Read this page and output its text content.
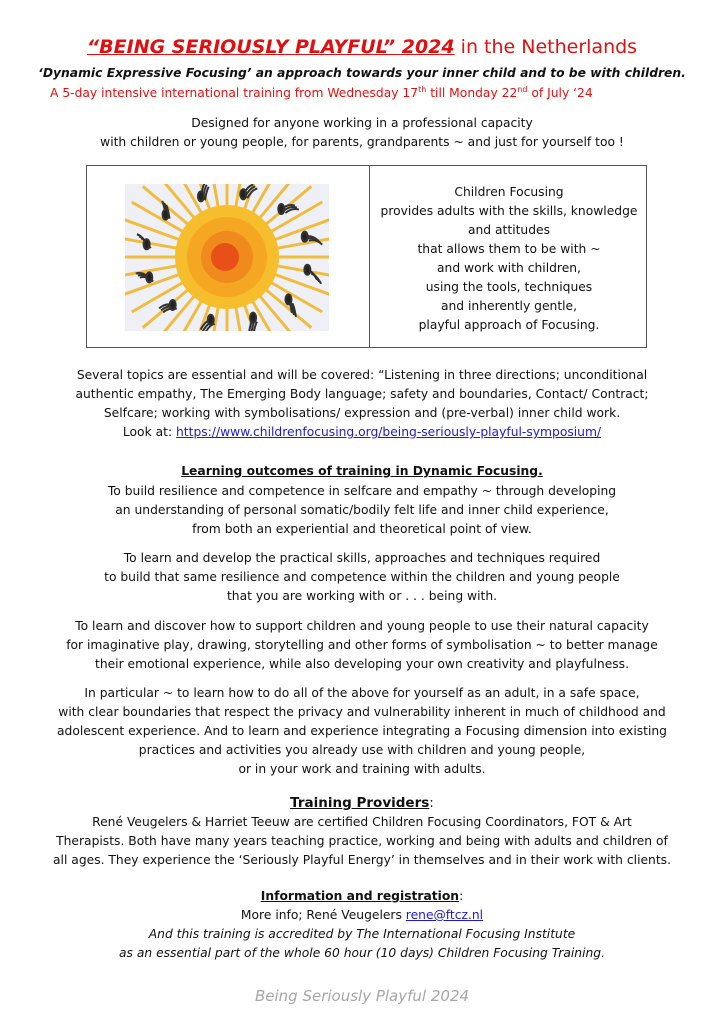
“BEING SERIOUSLY PLAYFUL” 2024 in the Netherlands
‘Dynamic Expressive Focusing’ an approach towards your inner child and to be with children.
A 5-day intensive international training from Wednesday 17th till Monday 22nd of July ‘24
Designed for anyone working in a professional capacity
with children or young people, for parents, grandparents ~ and just for yourself too !
Children Focusing
provides adults with the skills, knowledge
and attitudes
that allows them to be with ~
and work with children,
using the tools, techniques
and inherently gentle,
playful approach of Focusing.
Several topics are essential and will be covered: “Listening in three directions; unconditional
authentic empathy, The Emerging Body language; safety and boundaries, Contact/ Contract;
Selfcare; working with symbolisations/ expression and (pre-verbal) inner child work.
Look at: https://www.childrenfocusing.org/being-seriously-playful-symposium/
Learning outcomes of training in Dynamic Focusing.
To build resilience and competence in selfcare and empathy ~ through developing
an understanding of personal somatic/bodily felt life and inner child experience,
from both an experiential and theoretical point of view.
To learn and develop the practical skills, approaches and techniques required
to build that same resilience and competence within the children and young people
that you are working with or . . . being with.
To learn and discover how to support children and young people to use their natural capacity
for imaginative play, drawing, storytelling and other forms of symbolisation ~ to better manage
their emotional experience, while also developing your own creativity and playfulness.
In particular ~ to learn how to do all of the above for yourself as an adult, in a safe space,
with clear boundaries that respect the privacy and vulnerability inherent in much of childhood and
adolescent experience. And to learn and experience integrating a Focusing dimension into existing
practices and activities you already use with children and young people,
or in your work and training with adults.
Training Providers:
René Veugelers & Harriet Teeuw are certified Children Focusing Coordinators, FOT & Art
Therapists. Both have many years teaching practice, working and being with adults and children of
all ages. They experience the ‘Seriously Playful Energy’ in themselves and in their work with clients.
Information and registration:
More info; René Veugelers rene@ftcz.nl
And this training is accredited by The International Focusing Institute
as an essential part of the whole 60 hour (10 days) Children Focusing Training.
Being Seriously Playful 2024
